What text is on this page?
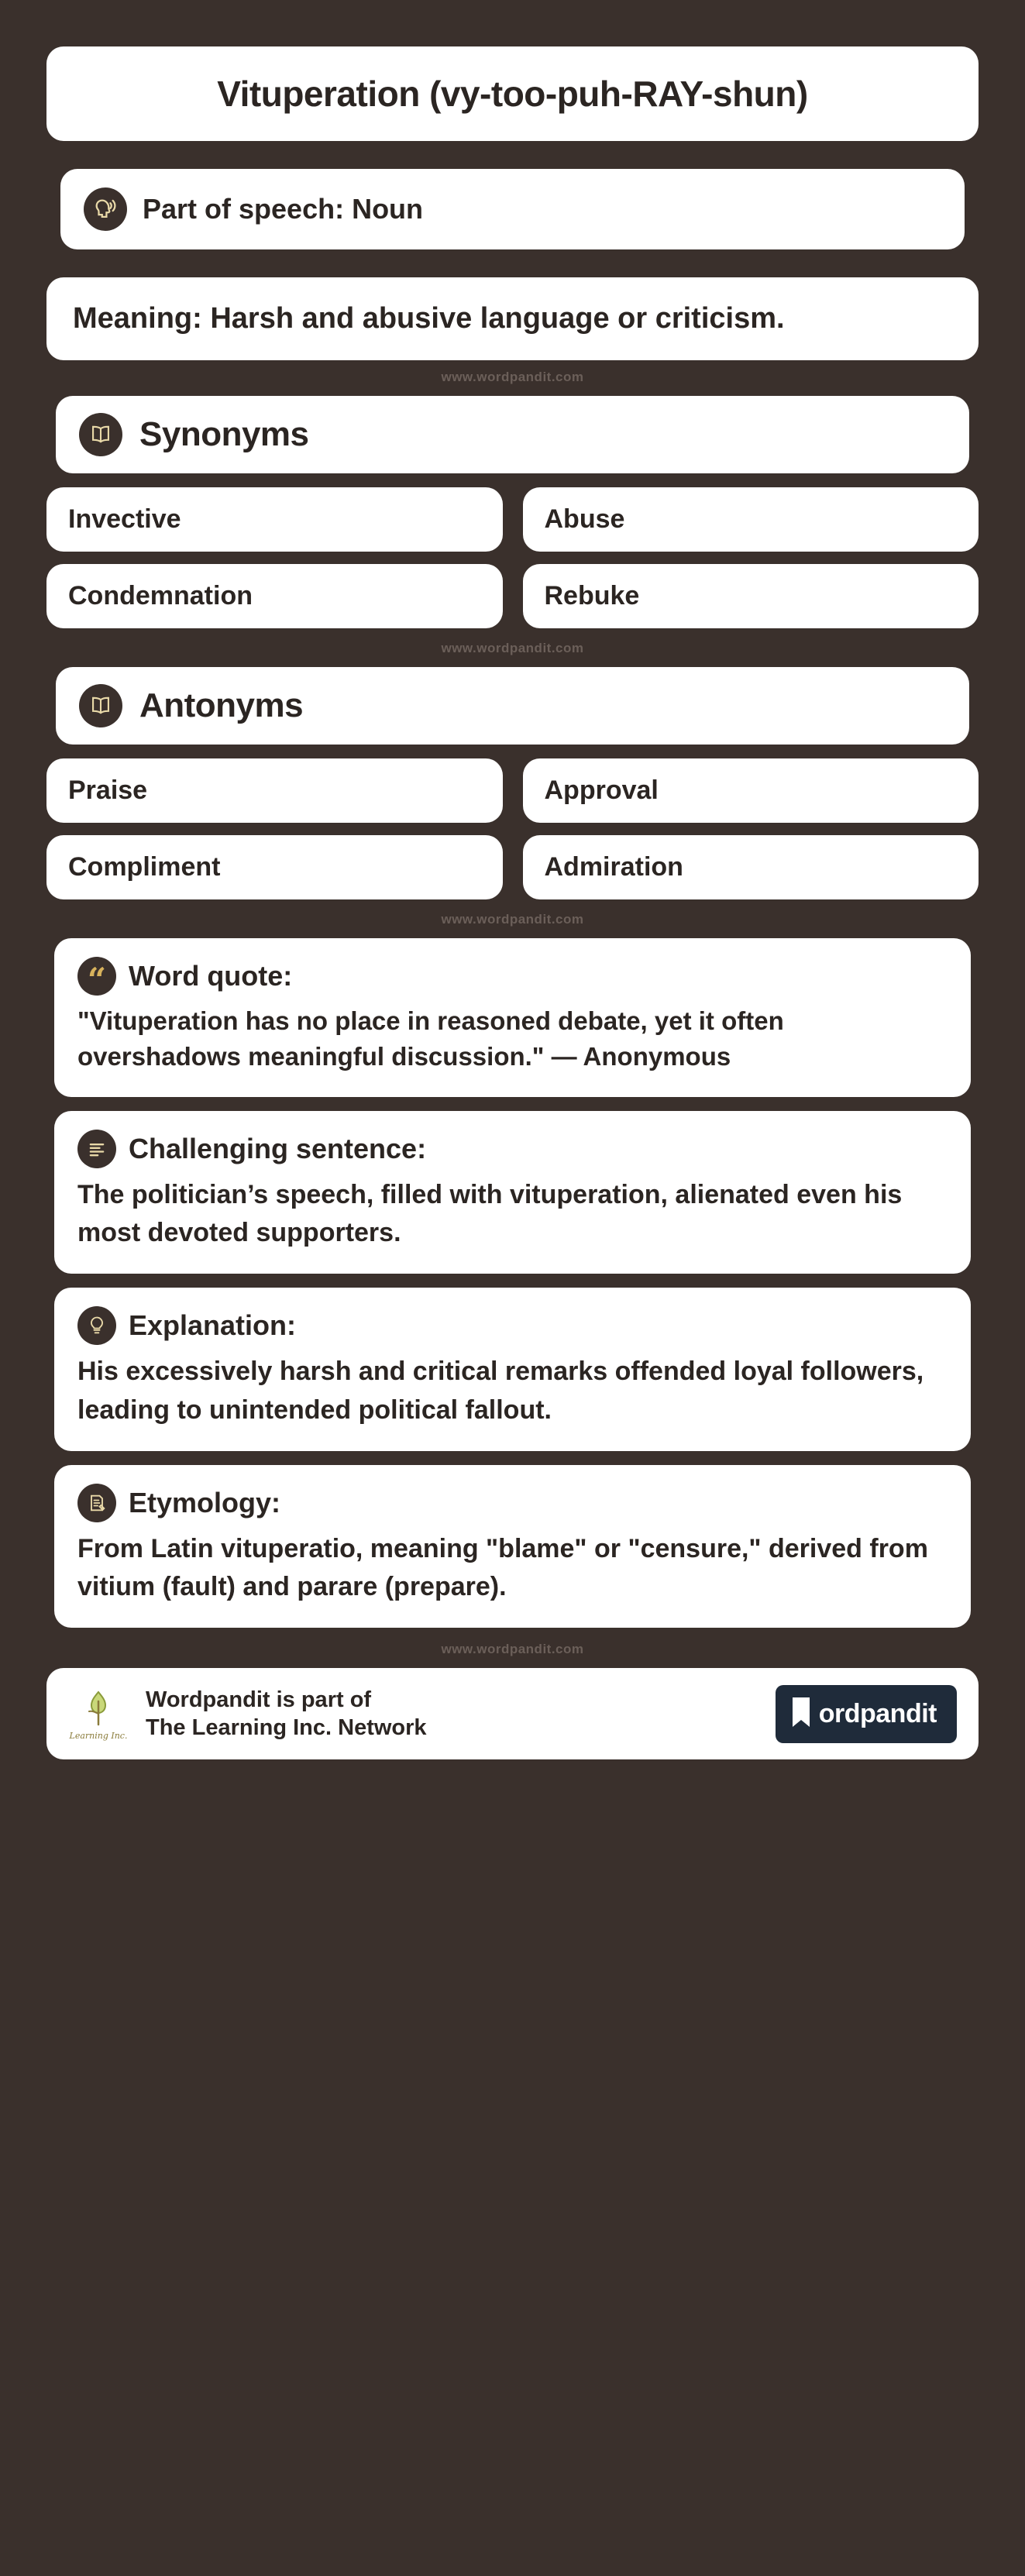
Vituperation (vy-too-puh-RAY-shun)
Part of speech: Noun
Meaning: Harsh and abusive language or criticism.
www.wordpandit.com
Synonyms
Invective	Abuse
Condemnation	Rebuke
www.wordpandit.com
Antonyms
Praise	Approval
Compliment	Admiration
www.wordpandit.com
“ Word quote:
"Vituperation has no place in reasoned debate, yet it often overshadows meaningful discussion." — Anonymous
Challenging sentence:
The politician’s speech, filled with vituperation, alienated even his most devoted supporters.
Explanation:
His excessively harsh and critical remarks offended loyal followers, leading to unintended political fallout.
Etymology:
From Latin vituperatio, meaning "blame" or "censure," derived from vitium (fault) and parare (prepare).
www.wordpandit.com
Learning Inc.
Wordpandit is part of
The Learning Inc. Network	ordpandit
